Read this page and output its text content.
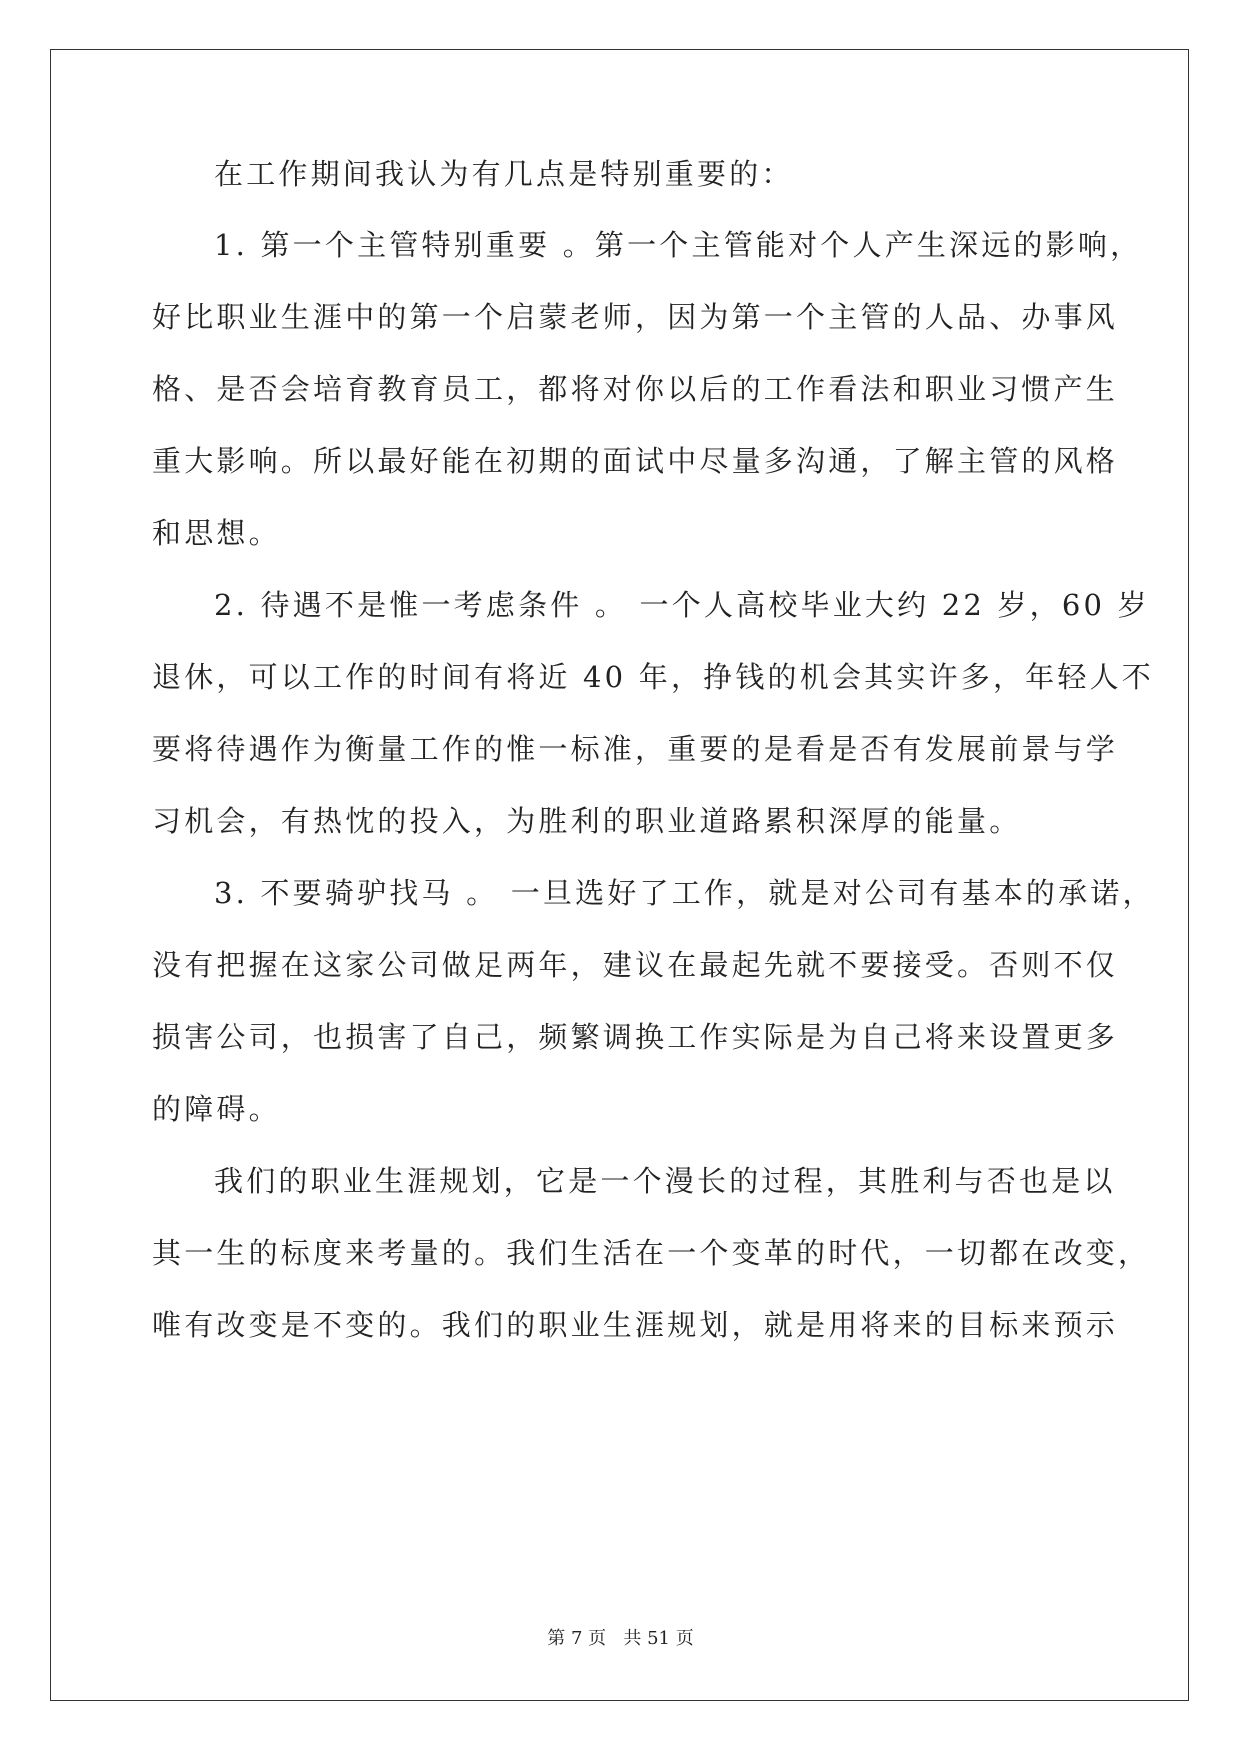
在工作期间我认为有几点是特别重要的：
1. 第一个主管特别重要 。第一个主管能对个人产生深远的影响，
好比职业生涯中的第一个启蒙老师，因为第一个主管的人品、办事风
格、是否会培育教育员工，都将对你以后的工作看法和职业习惯产生
重大影响。所以最好能在初期的面试中尽量多沟通，了解主管的风格
和思想。
2. 待遇不是惟一考虑条件 。 一个人高校毕业大约 22 岁，60 岁
退休，可以工作的时间有将近 40 年，挣钱的机会其实许多，年轻人不
要将待遇作为衡量工作的惟一标准，重要的是看是否有发展前景与学
习机会，有热忱的投入，为胜利的职业道路累积深厚的能量。
3. 不要骑驴找马 。 一旦选好了工作，就是对公司有基本的承诺，
没有把握在这家公司做足两年，建议在最起先就不要接受。否则不仅
损害公司，也损害了自己，频繁调换工作实际是为自己将来设置更多
的障碍。
我们的职业生涯规划，它是一个漫长的过程，其胜利与否也是以
其一生的标度来考量的。我们生活在一个变革的时代，一切都在改变，
唯有改变是不变的。我们的职业生涯规划，就是用将来的目标来预示
第 7 页   共 51 页
